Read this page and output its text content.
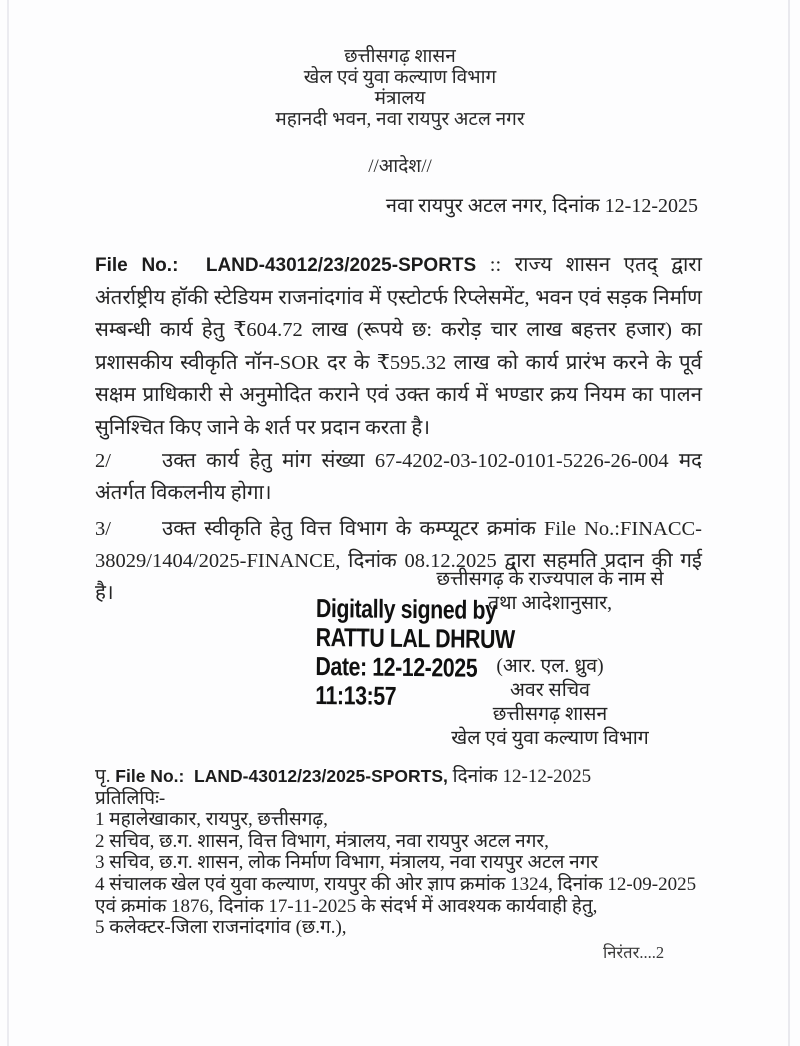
छत्तीसगढ़ शासन
खेल एवं युवा कल्याण विभाग
मंत्रालय
महानदी भवन, नवा रायपुर अटल नगर
//आदेश//
नवा रायपुर अटल नगर, दिनांक 12-12-2025

File No.:  LAND-43012/23/2025-SPORTS :: राज्य शासन एतद् द्वारा अंतर्राष्ट्रीय हॉकी स्टेडियम राजनांदगांव में एस्टोटर्फ रिप्लेसमेंट, भवन एवं सड़क निर्माण सम्बन्धी कार्य हेतु ₹604.72 लाख (रूपये छ: करोड़ चार लाख बहत्तर हजार) का प्रशासकीय स्वीकृति नॉन-SOR दर के ₹595.32 लाख को कार्य प्रारंभ करने के पूर्व सक्षम प्राधिकारी से अनुमोदित कराने एवं उक्त कार्य में भण्डार क्रय नियम का पालन सुनिश्चित किए जाने के शर्त पर प्रदान करता है।

2/ उक्त कार्य हेतु मांग संख्या 67-4202-03-102-0101-5226-26-004 मद अंतर्गत विकलनीय होगा।

3/ उक्त स्वीकृति हेतु वित्त विभाग के कम्प्यूटर क्रमांक File No.:FINACC-38029/1404/2025-FINANCE, दिनांक 08.12.2025 द्वारा सहमति प्रदान की गई है।	Digitally signed by
RATTU LAL DHRUW
Date: 12-12-2025
11:13:57
छत्तीसगढ़ के राज्यपाल के नाम से
तथा आदेशानुसार,
(आर. एल. ध्रुव)
अवर सचिव
छत्तीसगढ़ शासन
खेल एवं युवा कल्याण विभाग
पृ. File No.:  LAND-43012/23/2025-SPORTS, दिनांक 12-12-2025
प्रतिलिपिः-
1 महालेखाकार, रायपुर, छत्तीसगढ़,
2 सचिव, छ.ग. शासन, वित्त विभाग, मंत्रालय, नवा रायपुर अटल नगर,
3 सचिव, छ.ग. शासन, लोक निर्माण विभाग, मंत्रालय, नवा रायपुर अटल नगर
4 संचालक खेल एवं युवा कल्याण, रायपुर की ओर ज्ञाप क्रमांक 1324, दिनांक 12-09-2025 एवं क्रमांक 1876, दिनांक 17-11-2025 के संदर्भ में आवश्यक कार्यवाही हेतु,
5 कलेक्टर-जिला राजनांदगांव (छ.ग.),
निरंतर....2
